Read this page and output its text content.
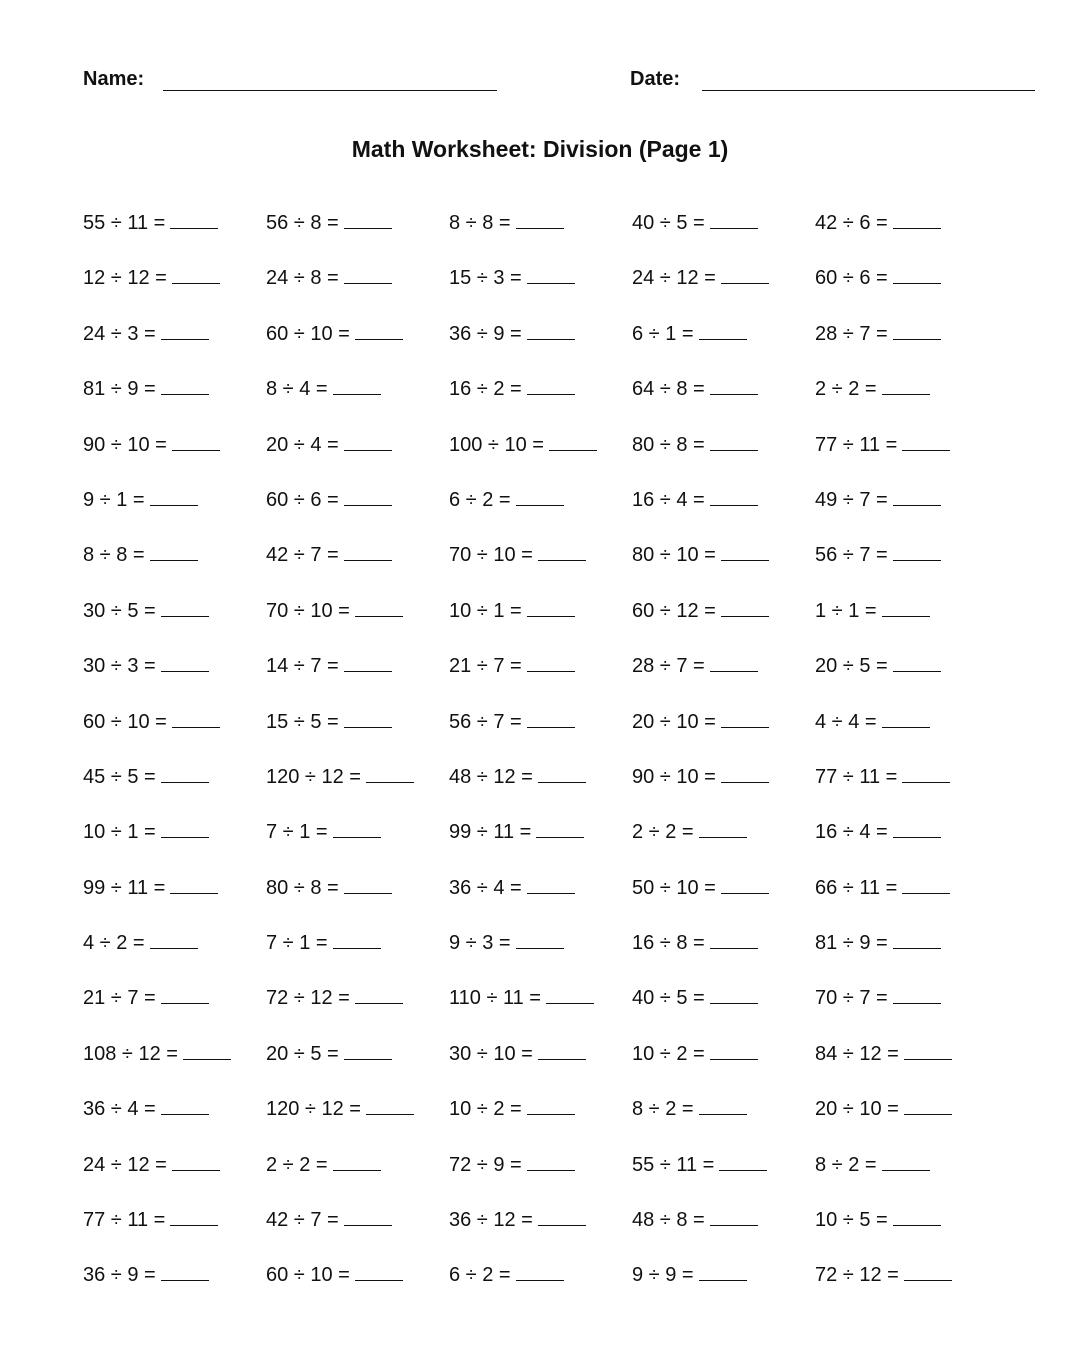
Name:	Date:
Math Worksheet: Division (Page 1)
55 ÷ 11 =	56 ÷ 8 =	8 ÷ 8 =	40 ÷ 5 =	42 ÷ 6 =
12 ÷ 12 =	24 ÷ 8 =	15 ÷ 3 =	24 ÷ 12 =	60 ÷ 6 =
24 ÷ 3 =	60 ÷ 10 =	36 ÷ 9 =	6 ÷ 1 =	28 ÷ 7 =
81 ÷ 9 =	8 ÷ 4 =	16 ÷ 2 =	64 ÷ 8 =	2 ÷ 2 =
90 ÷ 10 =	20 ÷ 4 =	100 ÷ 10 =	80 ÷ 8 =	77 ÷ 11 =
9 ÷ 1 =	60 ÷ 6 =	6 ÷ 2 =	16 ÷ 4 =	49 ÷ 7 =
8 ÷ 8 =	42 ÷ 7 =	70 ÷ 10 =	80 ÷ 10 =	56 ÷ 7 =
30 ÷ 5 =	70 ÷ 10 =	10 ÷ 1 =	60 ÷ 12 =	1 ÷ 1 =
30 ÷ 3 =	14 ÷ 7 =	21 ÷ 7 =	28 ÷ 7 =	20 ÷ 5 =
60 ÷ 10 =	15 ÷ 5 =	56 ÷ 7 =	20 ÷ 10 =	4 ÷ 4 =
45 ÷ 5 =	120 ÷ 12 =	48 ÷ 12 =	90 ÷ 10 =	77 ÷ 11 =
10 ÷ 1 =	7 ÷ 1 =	99 ÷ 11 =	2 ÷ 2 =	16 ÷ 4 =
99 ÷ 11 =	80 ÷ 8 =	36 ÷ 4 =	50 ÷ 10 =	66 ÷ 11 =
4 ÷ 2 =	7 ÷ 1 =	9 ÷ 3 =	16 ÷ 8 =	81 ÷ 9 =
21 ÷ 7 =	72 ÷ 12 =	110 ÷ 11 =	40 ÷ 5 =	70 ÷ 7 =
108 ÷ 12 =	20 ÷ 5 =	30 ÷ 10 =	10 ÷ 2 =	84 ÷ 12 =
36 ÷ 4 =	120 ÷ 12 =	10 ÷ 2 =	8 ÷ 2 =	20 ÷ 10 =
24 ÷ 12 =	2 ÷ 2 =	72 ÷ 9 =	55 ÷ 11 =	8 ÷ 2 =
77 ÷ 11 =	42 ÷ 7 =	36 ÷ 12 =	48 ÷ 8 =	10 ÷ 5 =
36 ÷ 9 =	60 ÷ 10 =	6 ÷ 2 =	9 ÷ 9 =	72 ÷ 12 =
